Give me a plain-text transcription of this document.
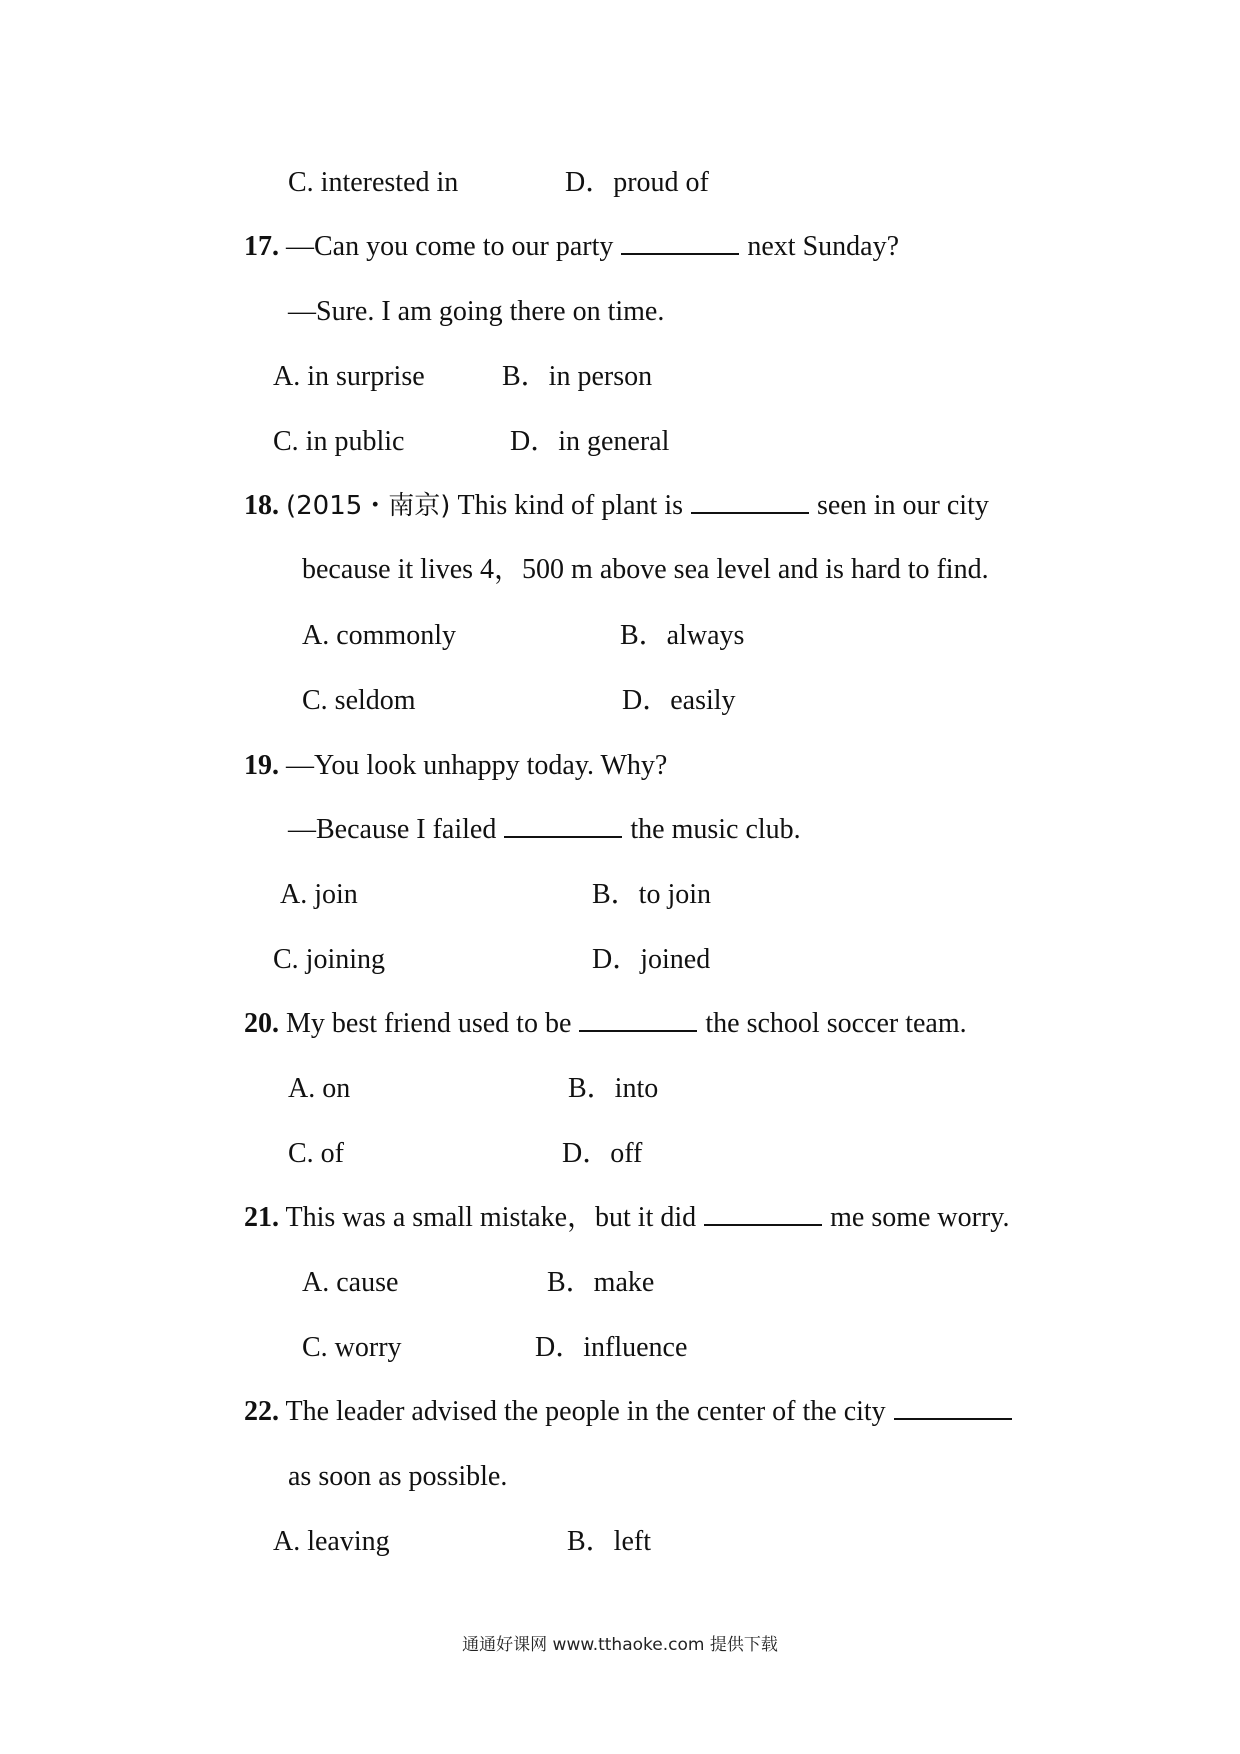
C. interested in	D．proud of
17. —Can you come to our party	next Sunday?
—Sure. I am going there on time.
A. in surprise	B．in person
C. in public	D．in general
18. (2015・南京) This kind of plant is	seen in our city
because it lives 4，500 m above sea level and is hard to find.
A. commonly	B．always
C. seldom	D．easily
19. —You look unhappy today. Why?
—Because I failed	the music club.
A. join	B．to join
C. joining	D．joined
20. My best friend used to be	the school soccer team.
A. on	B．into
C. of	D．off
21. This was a small mistake，but it did	me some worry.
A. cause	B．make
C. worry	D．influence
22. The leader advised the people in the center of the city
as soon as possible.
A. leaving	B．left
通通好课网 www.tthaoke.com 提供下载
